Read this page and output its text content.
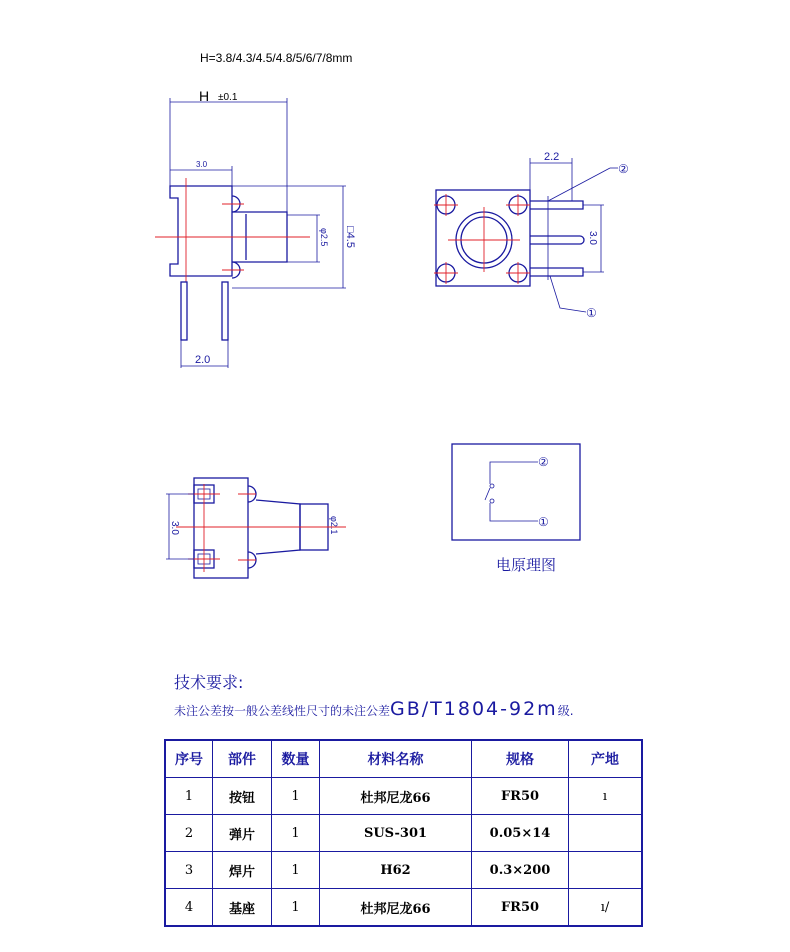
H=3.8/4.3/4.5/4.8/5/6/7/8mm
H ±0.1
3.0
φ2.5 □4.5
2.0
2.2
3.0
②
①
3.0	φ2.1
②
①
电原理图
技术要求:
未注公差按一般公差线性尺寸的未注公差GB/T1804-92m级.
序号	部件	数量	材料名称	规格	产地
1	按钮	1	杜邦尼龙66	FR50	ı
2	弹片	1	SUS-301	0.05×14	
3	焊片	1	H62	0.3×200	
4	基座	1	杜邦尼龙66	FR50	ı/
